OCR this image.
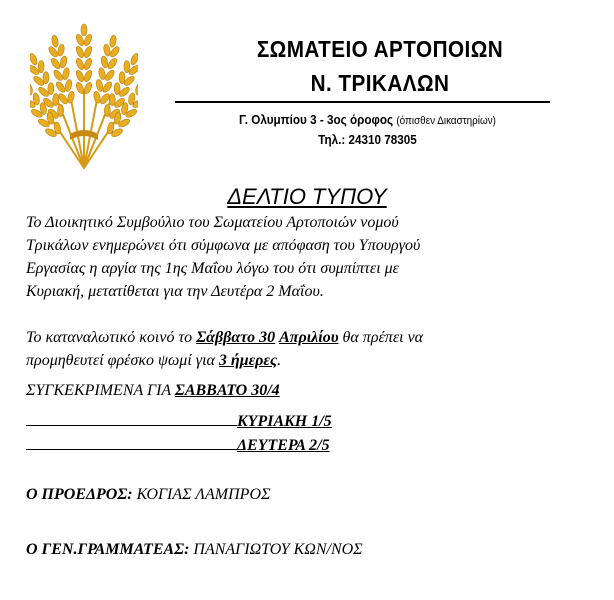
ΣΩΜΑΤΕΙΟ ΑΡΤΟΠΟΙΩΝ
Ν. ΤΡΙΚΑΛΩΝ
Γ. Ολυμπίου 3 - 3ος όροφος (όπισθεν Δικαστηρίων)
Τηλ.: 24310 78305
ΔΕΛΤΙΟ ΤΥΠΟΥ
Το Διοικητικό Συμβούλιο του Σωματείου Αρτοποιών νομού
Τρικάλων ενημερώνει ότι σύμφωνα με απόφαση του Υπουργού
Εργασίας η αργία της 1ης Μαΐου λόγω του ότι συμπίπτει με
Κυριακή, μετατίθεται για την Δευτέρα 2 Μαΐου.
Το καταναλωτικό κοινό το Σάββατο 30 Απριλίου θα πρέπει να
προμηθευτεί φρέσκο ψωμί για 3 ήμερες.
ΣΥΓΚΕΚΡΙΜΕΝΑ ΓΙΑ ΣΑΒΒΑΤΟ 30/4
ΚΥΡΙΑΚΗ 1/5
ΔΕΥΤΕΡΑ 2/5
Ο ΠΡΟΕΔΡΟΣ: ΚΟΓΙΑΣ ΛΑΜΠΡΟΣ
Ο ΓΕΝ.ΓΡΑΜΜΑΤΕΑΣ: ΠΑΝΑΓΙΩΤΟΥ ΚΩΝ/ΝΟΣ
